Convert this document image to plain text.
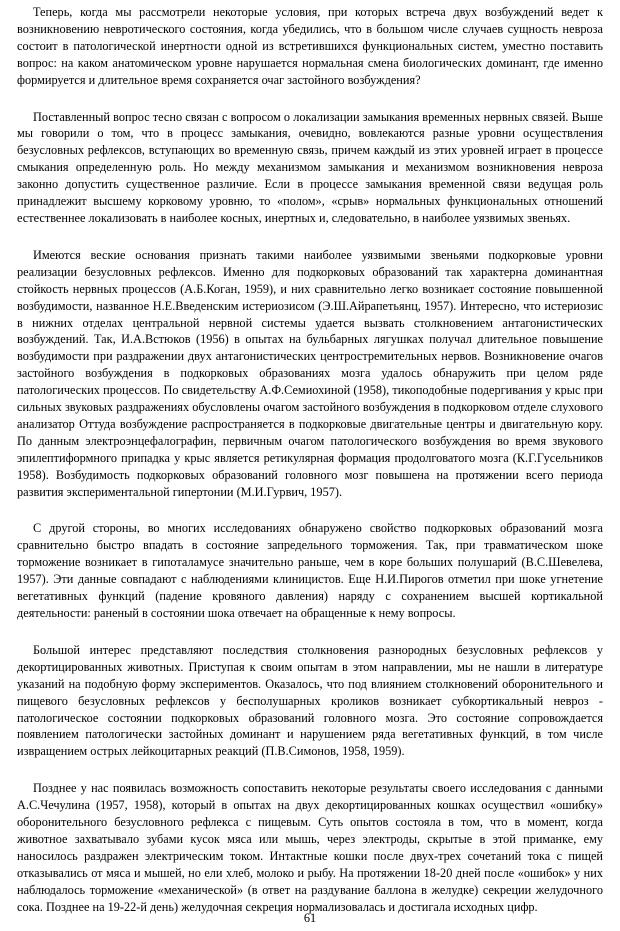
Теперь, когда мы рассмотрели некоторые условия, при которых встреча двух возбуждений ведет к возникновению невротического состояния, когда убедились, что в большом числе случаев сущность невроза состоит в патологической инертности одной из встретившихся функциональных систем, уместно поставить вопрос: на каком анатомическом уровне нарушается нормальная смена биологических доминант, где именно формируется и длительное время сохраняется очаг застойного возбуждения?

Поставленный вопрос тесно связан с вопросом о локализации замыкания временных нервных связей. Выше мы говорили о том, что в процесс замыкания, очевидно, вовлекаются разные уровни осуществления безусловных рефлексов, вступающих во временную связь, причем каждый из этих уровней играет в процессе смыкания определенную роль. Но между механизмом замыкания и механизмом возникновения невроза законно допустить существенное различие. Если в процессе замыкания временной связи ведущая роль принадлежит высшему корковому уровню, то «полом», «срыв» нормальных функциональных отношений естественнее локализовать в наиболее косных, инертных и, следовательно, в наиболее уязвимых звеньях.

Имеются веские основания признать такими наиболее уязвимыми звеньями подкорковые уровни реализации безусловных рефлексов. Именно для подкорковых образований так характерна доминантная стойкость нервных процессов (А.Б.Коган, 1959), и них сравнительно легко возникает состояние повышенной возбудимости, названное Н.Е.Введенским истериозисом (Э.Ш.Айрапетьянц, 1957). Интересно, что истериозис в нижних отделах центральной нервной системы удается вызвать столкновением антагонистических возбуждений. Так, И.А.Встюков (1956) в опытах на бульбарных лягушках получал длительное повышение возбудимости при раздражении двух антагонистических центростремительных нервов. Возникновение очагов застойного возбуждения в подкорковых образованиях мозга удалось обнаружить при целом ряде патологических процессов. По свидетельству А.Ф.Семиохиной (1958), тикоподобные подергивания у крыс при сильных звуковых раздражениях обусловлены очагом застойного возбуждения в подкорковом отделе слухового анализатор Оттуда возбуждение распространяется в подкорковые двигательные центры и двигательную кору. По данным электроэнцефалографин, первичным очагом патологического возбуждения во время звукового эпилептиформного припадка у крыс является ретикулярная формация продолговатого мозга (К.Г.Гусельников 1958). Возбудимость подкорковых образований головного мозг повышена на протяжении всего периода развития экспериментальной гипертонии (М.И.Гурвич, 1957).

С другой стороны, во многих исследованиях обнаружено свойство подкорковых образований мозга сравнительно быстро впадать в состояние запредельного торможения. Так, при травматическом шоке торможение возникает в гипоталамусе значительно раньше, чем в коре больших полушарий (В.С.Шевелева, 1957). Эти данные совпадают с наблюдениями клиницистов. Еще Н.И.Пирогов отметил при шоке угнетение вегетативных функций (падение кровяного давления) наряду с сохранением высшей кортикальной деятельности: раненый в состоянии шока отвечает на обращенные к нему вопросы.

Большой интерес представляют последствия столкновения разнородных безусловных рефлексов у декортицированных животных. Приступая к своим опытам в этом направлении, мы не нашли в литературе указаний на подобную форму экспериментов. Оказалось, что под влиянием столкновений оборонительного и пищевого безусловных рефлексов у бесполушарных кроликов возникает субкортикальный невроз - патологическое состоянии подкорковых образований головного мозга. Это состояние сопровождается появлением патологически застойных доминант и нарушением ряда вегетативных функций, в том числе извращением острых лейкоцитарных реакций (П.В.Симонов, 1958, 1959).

Позднее у нас появилась возможность сопоставить некоторые результаты своего исследования с данными А.С.Чечулина (1957, 1958), который в опытах на двух декортицированных кошках осуществил «ошибку» оборонительного безусловного рефлекса с пищевым. Суть опытов состояла в том, что в момент, когда животное захватывало зубами кусок мяса или мышь, через электроды, скрытые в этой приманке, ему наносилось раздражен электрическим током. Интактные кошки после двух-трех сочетаний тока с пищей отказывались от мяса и мышей, но ели хлеб, молоко и рыбу. На протяжении 18-20 дней после «ошибок» у них наблюдалось торможение «механической» (в ответ на раздувание баллона в желудке) секреции желудочного сока. Позднее на 19-22-й день) желудочная секреция нормализовалась и достигала исходных цифр.

61
